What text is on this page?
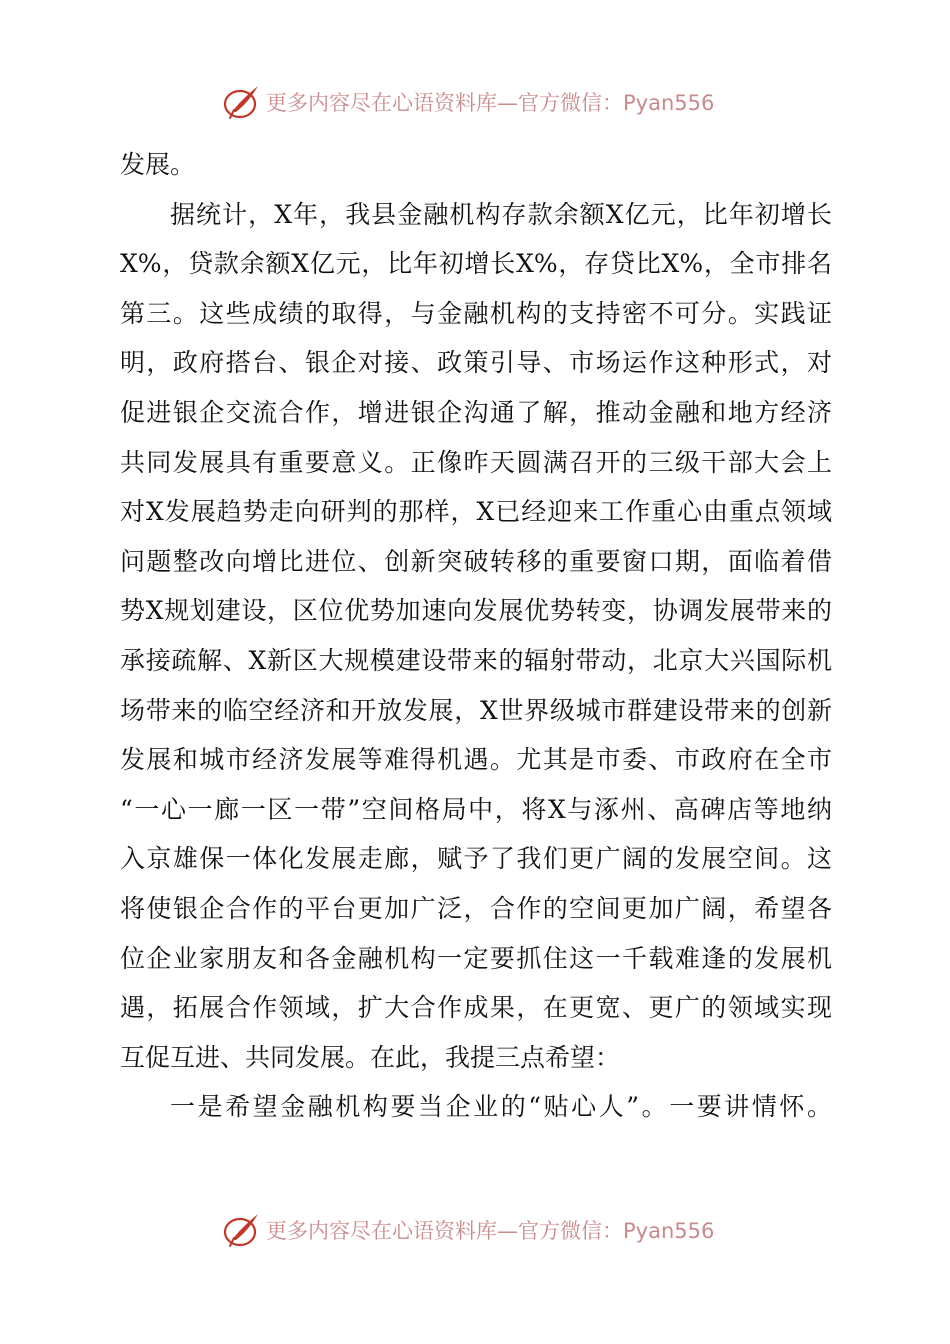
更多内容尽在心语资料库—官方微信：Pyan556
发展。
据统计，X年，我县金融机构存款余额X亿元，比年初增长
X%，贷款余额X亿元，比年初增长X%，存贷比X%，全市排名
第三。这些成绩的取得，与金融机构的支持密不可分。实践证
明，政府搭台、银企对接、政策引导、市场运作这种形式，对
促进银企交流合作，增进银企沟通了解，推动金融和地方经济
共同发展具有重要意义。正像昨天圆满召开的三级干部大会上
对X发展趋势走向研判的那样，X已经迎来工作重心由重点领域
问题整改向增比进位、创新突破转移的重要窗口期，面临着借
势X规划建设，区位优势加速向发展优势转变，协调发展带来的
承接疏解、X新区大规模建设带来的辐射带动，北京大兴国际机
场带来的临空经济和开放发展，X世界级城市群建设带来的创新
发展和城市经济发展等难得机遇。尤其是市委、市政府在全市
“一心一廊一区一带”空间格局中，将X与涿州、高碑店等地纳
入京雄保一体化发展走廊，赋予了我们更广阔的发展空间。这
将使银企合作的平台更加广泛，合作的空间更加广阔，希望各
位企业家朋友和各金融机构一定要抓住这一千载难逢的发展机
遇，拓展合作领域，扩大合作成果，在更宽、更广的领域实现
互促互进、共同发展。在此，我提三点希望：
一是希望金融机构要当企业的“贴心人”。一要讲情怀。
更多内容尽在心语资料库—官方微信：Pyan556
